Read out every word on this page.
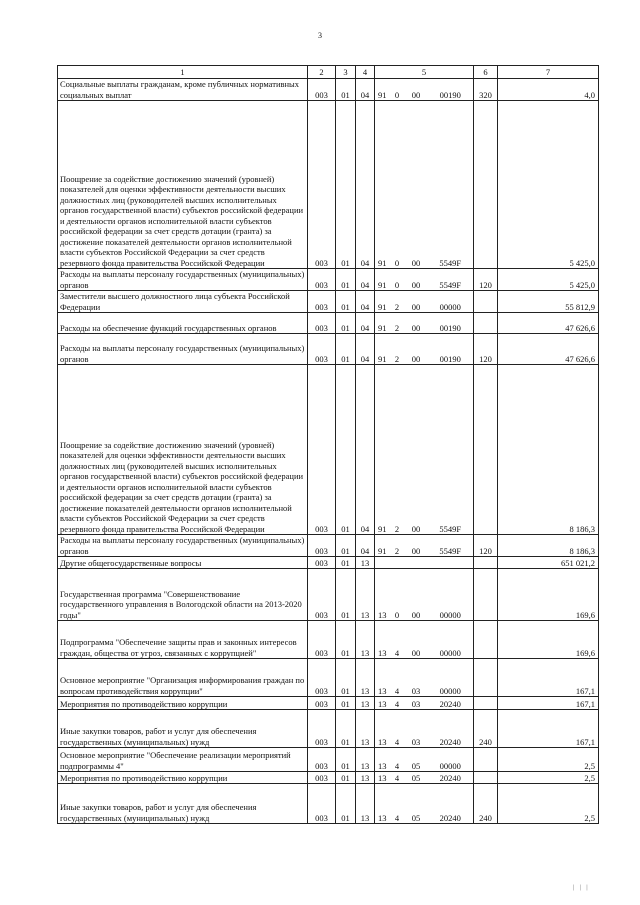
3
1	2	3	4	5				6	7
Социальные выплаты гражданам, кроме публичных нормативных социальных выплат	003	01	04	91	0	00	00190	320	4,0
Поощрение за содействие достижению значений (уровней) показателей для оценки эффективности деятельности высших должностных лиц (руководителей высших исполнительных органов государственной власти) субъектов российской федерации и деятельности органов исполнительной власти субъектов российской федерации за счет средств дотации (гранта) за достижение показателей деятельности органов исполнительной власти субъектов Российской Федерации за счет средств резервного фонда правительства Российской Федерации	003	01	04	91	0	00	5549F		5 425,0
Расходы на выплаты персоналу государственных (муниципальных) органов	003	01	04	91	0	00	5549F	120	5 425,0
Заместители высшего должностного лица субъекта Российской Федерации	003	01	04	91	2	00	00000		55 812,9
Расходы на обеспечение функций государственных органов	003	01	04	91	2	00	00190		47 626,6
Расходы на выплаты персоналу государственных (муниципальных) органов	003	01	04	91	2	00	00190	120	47 626,6
Поощрение за содействие достижению значений (уровней) показателей для оценки эффективности деятельности высших должностных лиц (руководителей высших исполнительных органов государственной власти) субъектов российской федерации и деятельности органов исполнительной власти субъектов российской федерации за счет средств дотации (гранта) за достижение показателей деятельности органов исполнительной власти субъектов Российской Федерации за счет средств резервного фонда правительства Российской Федерации	003	01	04	91	2	00	5549F		8 186,3
Расходы на выплаты персоналу государственных (муниципальных) органов	003	01	04	91	2	00	5549F	120	8 186,3
Другие общегосударственные вопросы	003	01	13						651 021,2
Государственная программа "Совершенствование государственного управления в Вологодской области на 2013-2020 годы"	003	01	13	13	0	00	00000		169,6
Подпрограмма "Обеспечение защиты прав и законных интересов граждан, общества от угроз, связанных с коррупцией"	003	01	13	13	4	00	00000		169,6
Основное мероприятие "Организация информирования граждан по вопросам противодействия коррупции"	003	01	13	13	4	03	00000		167,1
Мероприятия по противодействию коррупции	003	01	13	13	4	03	20240		167,1
Иные закупки товаров, работ и услуг для обеспечения государственных (муниципальных) нужд	003	01	13	13	4	03	20240	240	167,1
Основное мероприятие "Обеспечение реализации мероприятий подпрограммы 4"	003	01	13	13	4	05	00000		2,5
Мероприятия по противодействию коррупции	003	01	13	13	4	05	20240		2,5
Иные закупки товаров, работ и услуг для обеспечения государственных (муниципальных) нужд	003	01	13	13	4	05	20240	240	2,5
| | |
